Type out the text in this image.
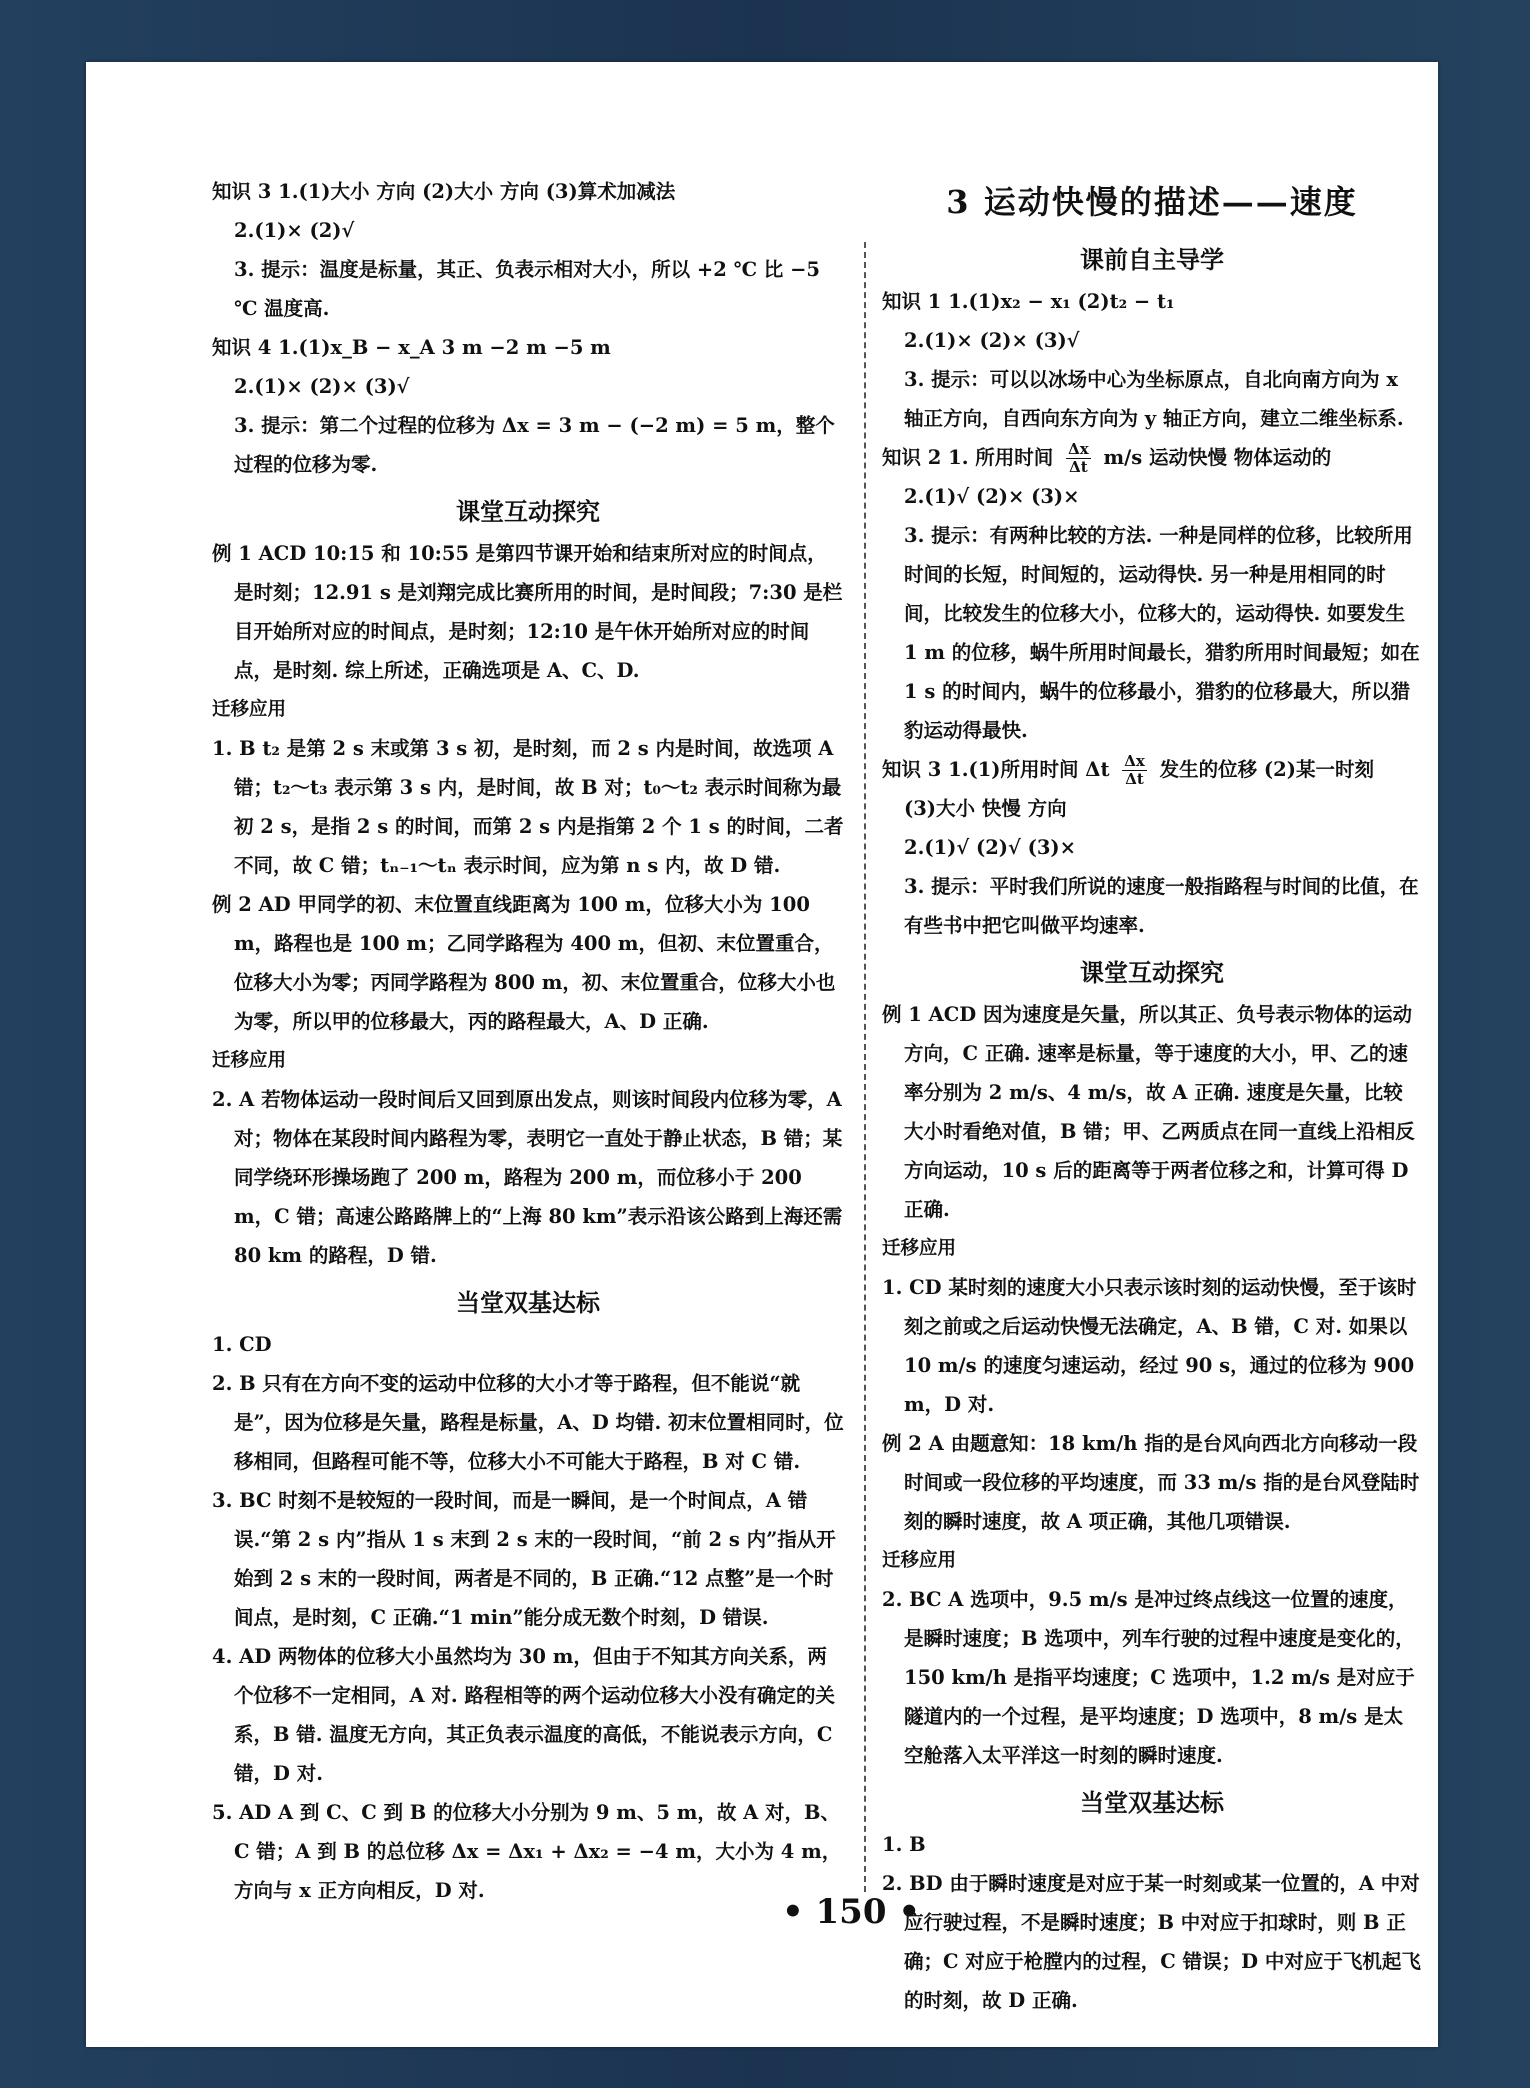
知识 3 1.(1)大小 方向 (2)大小 方向 (3)算术加减法

2.(1)× (2)√

3. 提示：温度是标量，其正、负表示相对大小，所以 +2 ℃ 比 −5 ℃ 温度高.

知识 4 1.(1)x_B − x_A 3 m −2 m −5 m

2.(1)× (2)× (3)√

3. 提示：第二个过程的位移为 Δx = 3 m − (−2 m) = 5 m，整个过程的位移为零.

课堂互动探究

例 1 ACD 10:15 和 10:55 是第四节课开始和结束所对应的时间点，是时刻；12.91 s 是刘翔完成比赛所用的时间，是时间段；7:30 是栏目开始所对应的时间点，是时刻；12:10 是午休开始所对应的时间点，是时刻. 综上所述，正确选项是 A、C、D.

迁移应用

1. B t₂ 是第 2 s 末或第 3 s 初，是时刻，而 2 s 内是时间，故选项 A 错；t₂～t₃ 表示第 3 s 内，是时间，故 B 对；t₀～t₂ 表示时间称为最初 2 s，是指 2 s 的时间，而第 2 s 内是指第 2 个 1 s 的时间，二者不同，故 C 错；tₙ₋₁～tₙ 表示时间，应为第 n s 内，故 D 错.

例 2 AD 甲同学的初、末位置直线距离为 100 m，位移大小为 100 m，路程也是 100 m；乙同学路程为 400 m，但初、末位置重合，位移大小为零；丙同学路程为 800 m，初、末位置重合，位移大小也为零，所以甲的位移最大，丙的路程最大，A、D 正确.

迁移应用

2. A 若物体运动一段时间后又回到原出发点，则该时间段内位移为零，A 对；物体在某段时间内路程为零，表明它一直处于静止状态，B 错；某同学绕环形操场跑了 200 m，路程为 200 m，而位移小于 200 m，C 错；高速公路路牌上的“上海 80 km”表示沿该公路到上海还需 80 km 的路程，D 错.

当堂双基达标

1. CD

2. B 只有在方向不变的运动中位移的大小才等于路程，但不能说“就是”，因为位移是矢量，路程是标量，A、D 均错. 初末位置相同时，位移相同，但路程可能不等，位移大小不可能大于路程，B 对 C 错.

3. BC 时刻不是较短的一段时间，而是一瞬间，是一个时间点，A 错误.“第 2 s 内”指从 1 s 末到 2 s 末的一段时间，“前 2 s 内”指从开始到 2 s 末的一段时间，两者是不同的，B 正确.“12 点整”是一个时间点，是时刻，C 正确.“1 min”能分成无数个时刻，D 错误.

4. AD 两物体的位移大小虽然均为 30 m，但由于不知其方向关系，两个位移不一定相同，A 对. 路程相等的两个运动位移大小没有确定的关系，B 错. 温度无方向，其正负表示温度的高低，不能说表示方向，C 错，D 对.

5. AD A 到 C、C 到 B 的位移大小分别为 9 m、5 m，故 A 对，B、C 错；A 到 B 的总位移 Δx = Δx₁ + Δx₂ = −4 m，大小为 4 m，方向与 x 正方向相反，D 对.

3 运动快慢的描述——速度

课前自主导学

知识 1 1.(1)x₂ − x₁ (2)t₂ − t₁

2.(1)× (2)× (3)√

3. 提示：可以以冰场中心为坐标原点，自北向南方向为 x 轴正方向，自西向东方向为 y 轴正方向，建立二维坐标系.

知识 2 1. 所用时间 $\frac{\Delta x}{\Delta t} m/s$ 运动快慢 物体运动的

2.(1)√ (2)× (3)×

3. 提示：有两种比较的方法. 一种是同样的位移，比较所用时间的长短，时间短的，运动得快. 另一种是用相同的时间，比较发生的位移大小，位移大的，运动得快. 如要发生 1 m 的位移，蜗牛所用时间最长，猎豹所用时间最短；如在 1 s 的时间内，蜗牛的位移最小，猎豹的位移最大，所以猎豹运动得最快.

知识 3 1.(1)所用时间 Δt $\frac{\Delta x}{\Delta t}$ 发生的位移 (2)某一时刻

(3)大小 快慢 方向

2.(1)√ (2)√ (3)×

3. 提示：平时我们所说的速度一般指路程与时间的比值，在有些书中把它叫做平均速率.

课堂互动探究

例 1 ACD 因为速度是矢量，所以其正、负号表示物体的运动方向，C 正确. 速率是标量，等于速度的大小，甲、乙的速率分别为 2 m/s、4 m/s，故 A 正确. 速度是矢量，比较大小时看绝对值，B 错；甲、乙两质点在同一直线上沿相反方向运动，10 s 后的距离等于两者位移之和，计算可得 D 正确.

迁移应用

1. CD 某时刻的速度大小只表示该时刻的运动快慢，至于该时刻之前或之后运动快慢无法确定，A、B 错，C 对. 如果以 10 m/s 的速度匀速运动，经过 90 s，通过的位移为 900 m，D 对.

例 2 A 由题意知：18 km/h 指的是台风向西北方向移动一段时间或一段位移的平均速度，而 33 m/s 指的是台风登陆时刻的瞬时速度，故 A 项正确，其他几项错误.

迁移应用

2. BC A 选项中，9.5 m/s 是冲过终点线这一位置的速度，是瞬时速度；B 选项中，列车行驶的过程中速度是变化的，150 km/h 是指平均速度；C 选项中，1.2 m/s 是对应于隧道内的一个过程，是平均速度；D 选项中，8 m/s 是太空舱落入太平洋这一时刻的瞬时速度.

当堂双基达标

1. B

2. BD 由于瞬时速度是对应于某一时刻或某一位置的，A 中对应行驶过程，不是瞬时速度；B 中对应于扣球时，则 B 正确；C 对应于枪膛内的过程，C 错误；D 中对应于飞机起飞的时刻，故 D 正确.

• 150 •
